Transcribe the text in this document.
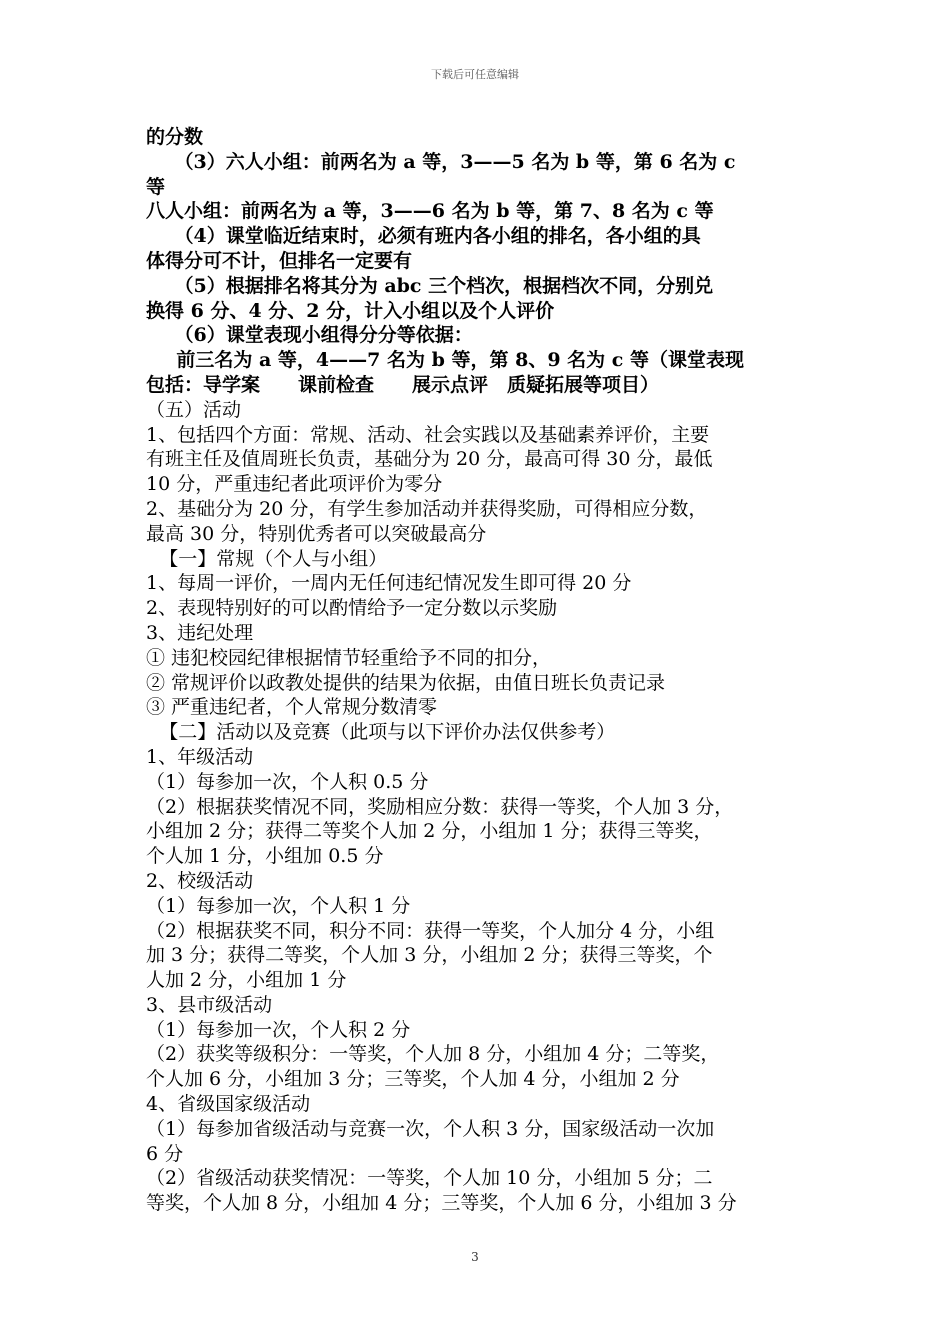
下载后可任意编辑
的分数
（3）六人小组：前两名为 a 等，3——5 名为 b 等，第 6 名为 c
等
八人小组：前两名为 a 等，3——6 名为 b 等，第 7、8 名为 c 等
（4）课堂临近结束时，必须有班内各小组的排名，各小组的具
体得分可不计，但排名一定要有
（5）根据排名将其分为 abc 三个档次，根据档次不同，分别兑
换得 6 分、4 分、2 分，计入小组以及个人评价
（6）课堂表现小组得分分等依据：
前三名为 a 等，4——7 名为 b 等，第 8、9 名为 c 等（课堂表现
包括：导学案　　课前检查　　展示点评　质疑拓展等项目）
（五）活动
1、包括四个方面：常规、活动、社会实践以及基础素养评价，主要
有班主任及值周班长负责，基础分为 20 分，最高可得 30 分，最低
10 分，严重违纪者此项评价为零分
2、基础分为 20 分，有学生参加活动并获得奖励，可得相应分数，
最高 30 分，特别优秀者可以突破最高分
【一】常规（个人与小组）
1、每周一评价，一周内无任何违纪情况发生即可得 20 分
2、表现特别好的可以酌情给予一定分数以示奖励
3、违纪处理
① 违犯校园纪律根据情节轻重给予不同的扣分，
② 常规评价以政教处提供的结果为依据，由值日班长负责记录
③ 严重违纪者，个人常规分数清零
【二】活动以及竞赛（此项与以下评价办法仅供参考）
1、年级活动
（1）每参加一次，个人积 0.5 分
（2）根据获奖情况不同，奖励相应分数：获得一等奖，个人加 3 分，
小组加 2 分；获得二等奖个人加 2 分，小组加 1 分；获得三等奖，
个人加 1 分，小组加 0.5 分
2、校级活动
（1）每参加一次，个人积 1 分
（2）根据获奖不同，积分不同：获得一等奖，个人加分 4 分，小组
加 3 分；获得二等奖，个人加 3 分，小组加 2 分；获得三等奖，个
人加 2 分，小组加 1 分
3、县市级活动
（1）每参加一次，个人积 2 分
（2）获奖等级积分：一等奖，个人加 8 分，小组加 4 分；二等奖，
个人加 6 分，小组加 3 分；三等奖，个人加 4 分，小组加 2 分
4、省级国家级活动
（1）每参加省级活动与竞赛一次，个人积 3 分，国家级活动一次加
6 分
（2）省级活动获奖情况：一等奖，个人加 10 分，小组加 5 分；二
等奖，个人加 8 分，小组加 4 分；三等奖，个人加 6 分，小组加 3 分
3
